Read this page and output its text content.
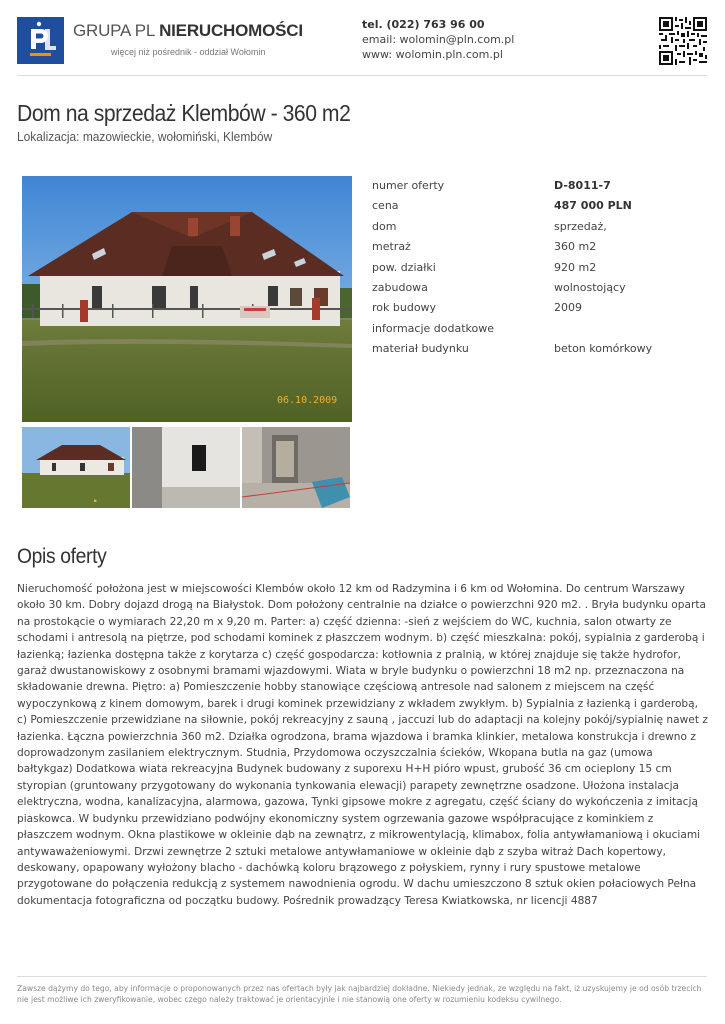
GRUPA PL NIERUCHOMOŚCI
więcej niż pośrednik - oddział Wołomin
tel. (022) 763 96 00
email: wolomin@pln.com.pl
www: wolomin.pln.com.pl
Dom na sprzedaż Klembów - 360 m2
Lokalizacja: mazowieckie, wołomiński, Klembów
06.10.2009
■
numer oferty	D-8011-7
cena	487 000 PLN
dom	sprzedaż,
metraż	360 m2
pow. działki	920 m2
zabudowa	wolnostojący
rok budowy	2009
informacje dodatkowe
materiał budynku	beton komórkowy
Opis oferty

Nieruchomość położona jest w miejscowości Klembów około 12 km od Radzymina i 6 km od Wołomina. Do centrum Warszawy około 30 km. Dobry dojazd drogą na Białystok. Dom położony centralnie na działce o powierzchni 920 m2. . Bryła budynku oparta na prostokącie o wymiarach 22,20 m x 9,20 m. Parter: a) część dzienna: -sień z wejściem do WC, kuchnia, salon otwarty ze schodami i antresolą na piętrze, pod schodami kominek z płaszczem wodnym. b) część mieszkalna: pokój, sypialnia z garderobą i łazienką; łazienka dostępna także z korytarza c) część gospodarcza: kotłownia z pralnią, w której znajduje się także hydrofor, garaż dwustanowiskowy z osobnymi bramami wjazdowymi. Wiata w bryle budynku o powierzchni 18 m2 np. przeznaczona na składowanie drewna. Piętro: a) Pomieszczenie hobby stanowiące częściową antresole nad salonem z miejscem na część wypoczynkową z kinem domowym, barek i drugi kominek przewidziany z wkładem zwykłym. b) Sypialnia z łazienką i garderobą, c) Pomieszczenie przewidziane na siłownie, pokój rekreacyjny z sauną , jaccuzi lub do adaptacji na kolejny pokój/sypialnię nawet z łazienka. Łączna powierzchnia 360 m2. Działka ogrodzona, brama wjazdowa i bramka klinkier, metalowa konstrukcja i drewno z doprowadzonym zasilaniem elektrycznym. Studnia, Przydomowa oczyszczalnia ścieków, Wkopana butla na gaz (umowa bałtykgaz) Dodatkowa wiata rekreacyjna Budynek budowany z suporexu H+H pióro wpust, grubość 36 cm ocieplony 15 cm styropian (gruntowany przygotowany do wykonania tynkowania elewacji) parapety zewnętrzne osadzone. Ułożona instalacja elektryczna, wodna, kanalizacyjna, alarmowa, gazowa, Tynki gipsowe mokre z agregatu, część ściany do wykończenia z imitacją piaskowca. W budynku przewidziano podwójny ekonomiczny system ogrzewania gazowe współpracujące z kominkiem z płaszczem wodnym. Okna plastikowe w okleinie dąb na zewnątrz, z mikrowentylacją, klimabox, folia antywłamaniową i okuciami antywaważeniowymi. Drzwi zewnętrze 2 sztuki metalowe antywłamaniowe w okleinie dąb z szyba witraż Dach kopertowy, deskowany, opapowany wyłożony blacho - dachówką koloru brązowego z połyskiem, rynny i rury spustowe metalowe przygotowane do połączenia redukcją z systemem nawodnienia ogrodu. W dachu umieszczono 8 sztuk okien połaciowych Pełna dokumentacja fotograficzna od początku budowy. Pośrednik prowadzący Teresa Kwiatkowska, nr licencji 4887

Zawsze dążymy do tego, aby informacje o proponowanych przez nas ofertach były jak najbardziej dokładne. Niekiedy jednak, ze względu na fakt, iż uzyskujemy je od osób trzecich nie jest możliwe ich zweryfikowanie, wobec czego należy traktować je orientacyjnie i nie stanowią one oferty w rozumieniu kodeksu cywilnego.
